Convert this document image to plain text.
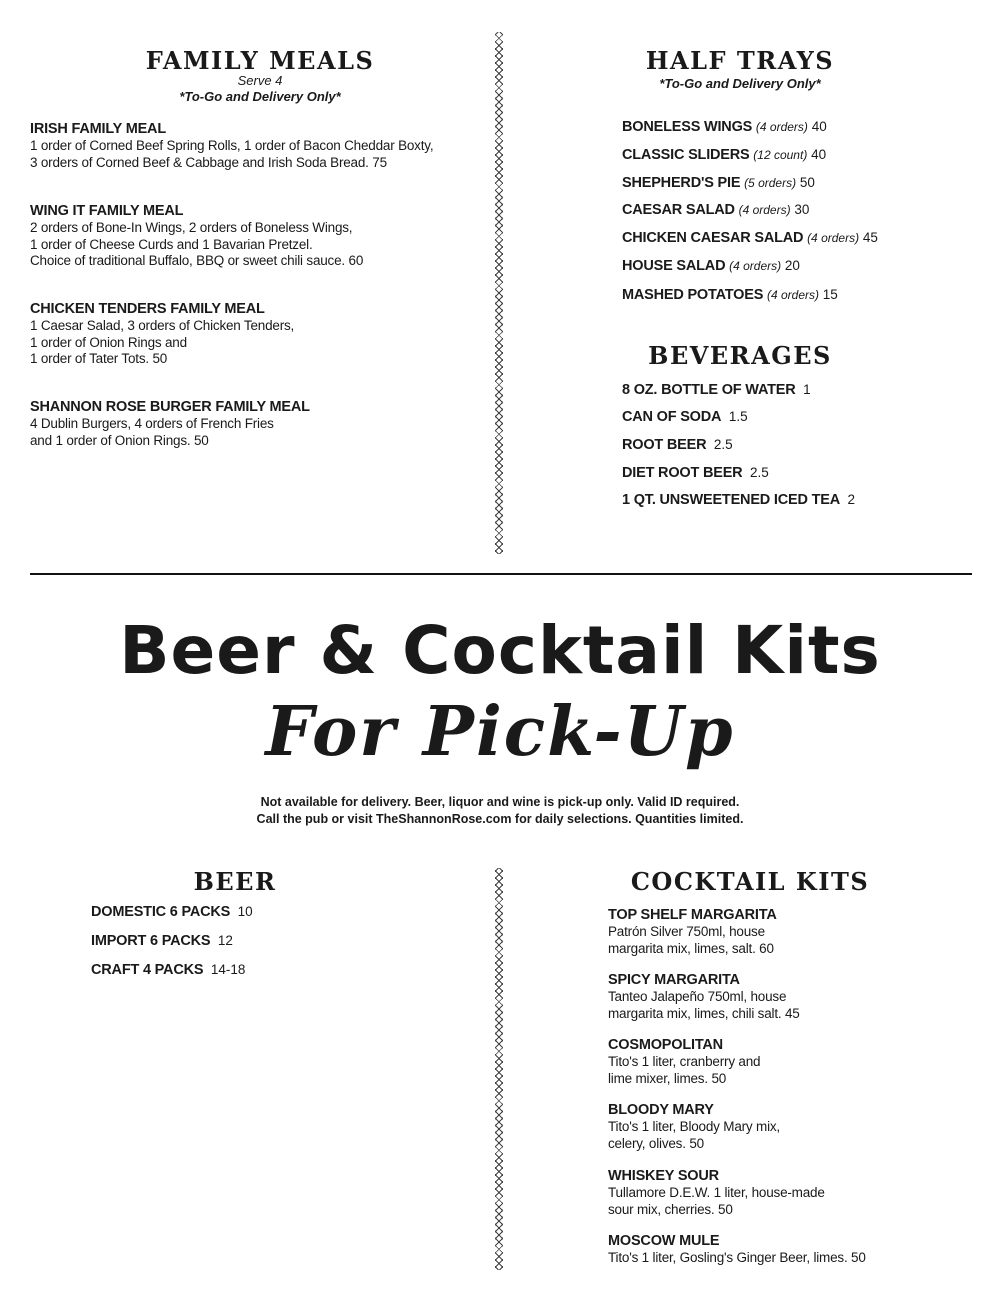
FAMILY MEALS
Serve 4
*To-Go and Delivery Only*
IRISH FAMILY MEAL
1 order of Corned Beef Spring Rolls, 1 order of Bacon Cheddar Boxty,
3 orders of Corned Beef & Cabbage and Irish Soda Bread. 75
WING IT FAMILY MEAL
2 orders of Bone-In Wings, 2 orders of Boneless Wings,
1 order of Cheese Curds and 1 Bavarian Pretzel.
Choice of traditional Buffalo, BBQ or sweet chili sauce. 60
CHICKEN TENDERS FAMILY MEAL
1 Caesar Salad, 3 orders of Chicken Tenders,
1 order of Onion Rings and
1 order of Tater Tots. 50
SHANNON ROSE BURGER FAMILY MEAL
4 Dublin Burgers, 4 orders of French Fries
and 1 order of Onion Rings. 50
HALF TRAYS
*To-Go and Delivery Only*
BONELESS WINGS (4 orders) 40
CLASSIC SLIDERS (12 count) 40
SHEPHERD'S PIE (5 orders) 50
CAESAR SALAD (4 orders) 30
CHICKEN CAESAR SALAD (4 orders) 45
HOUSE SALAD (4 orders) 20
MASHED POTATOES (4 orders) 15
BEVERAGES
8 OZ. BOTTLE OF WATER 1
CAN OF SODA 1.5
ROOT BEER 2.5
DIET ROOT BEER 2.5
1 QT. UNSWEETENED ICED TEA 2
Beer & Cocktail Kits
For Pick-Up
Not available for delivery. Beer, liquor and wine is pick-up only. Valid ID required.
Call the pub or visit TheShannonRose.com for daily selections. Quantities limited.
BEER
DOMESTIC 6 PACKS 10
IMPORT 6 PACKS 12
CRAFT 4 PACKS 14-18
COCKTAIL KITS
TOP SHELF MARGARITA
Patrón Silver 750ml, house
margarita mix, limes, salt. 60
SPICY MARGARITA
Tanteo Jalapeño 750ml, house
margarita mix, limes, chili salt. 45
COSMOPOLITAN
Tito's 1 liter, cranberry and
lime mixer, limes. 50
BLOODY MARY
Tito's 1 liter, Bloody Mary mix,
celery, olives. 50
WHISKEY SOUR
Tullamore D.E.W. 1 liter, house-made
sour mix, cherries. 50
MOSCOW MULE
Tito's 1 liter, Gosling's Ginger Beer, limes. 50
